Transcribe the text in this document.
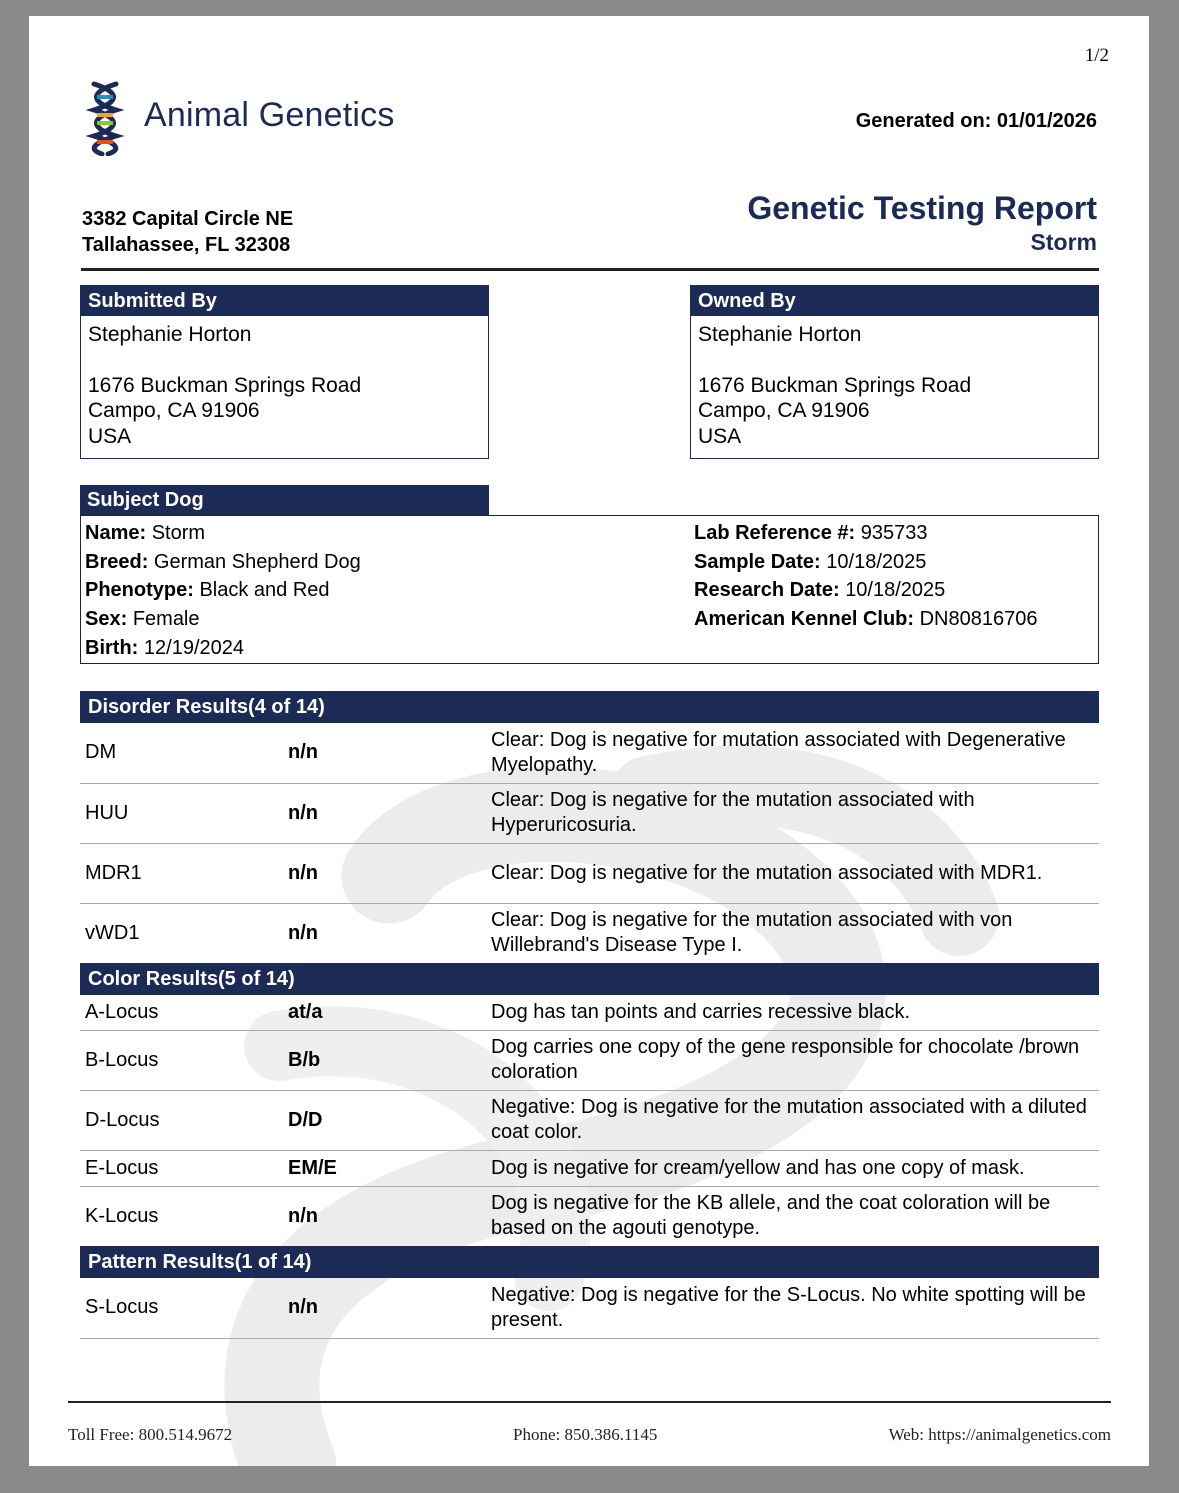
1/2
Animal Genetics	Generated on: 01/01/2026
3382 Capital Circle NE
Tallahassee, FL 32308
Genetic Testing Report
Storm
Submitted By
Stephanie Horton
1676 Buckman Springs Road
Campo, CA 91906
USA
Owned By
Stephanie Horton
1676 Buckman Springs Road
Campo, CA 91906
USA
Subject Dog
Name: Storm
Breed: German Shepherd Dog
Phenotype: Black and Red
Sex: Female
Birth: 12/19/2024
Lab Reference #: 935733
Sample Date: 10/18/2025
Research Date: 10/18/2025
American Kennel Club: DN80816706
Disorder Results(4 of 14)		
DM	n/n	Clear: Dog is negative for mutation associated with Degenerative Myelopathy.
HUU	n/n	Clear: Dog is negative for the mutation associated with Hyperuricosuria.
MDR1	n/n	Clear: Dog is negative for the mutation associated with MDR1.
vWD1	n/n	Clear: Dog is negative for the mutation associated with von Willebrand's Disease Type I.
Color Results(5 of 14)		
A-Locus	at/a	Dog has tan points and carries recessive black.
B-Locus	B/b	Dog carries one copy of the gene responsible for chocolate /brown coloration
D-Locus	D/D	Negative: Dog is negative for the mutation associated with a diluted coat color.
E-Locus	EM/E	Dog is negative for cream/yellow and has one copy of mask.
K-Locus	n/n	Dog is negative for the KB allele, and the coat coloration will be based on the agouti genotype.
Pattern Results(1 of 14)		
S-Locus	n/n	Negative: Dog is negative for the S-Locus. No white spotting will be present.
Toll Free: 800.514.9672	Phone: 850.386.1145	Web: https://animalgenetics.com
